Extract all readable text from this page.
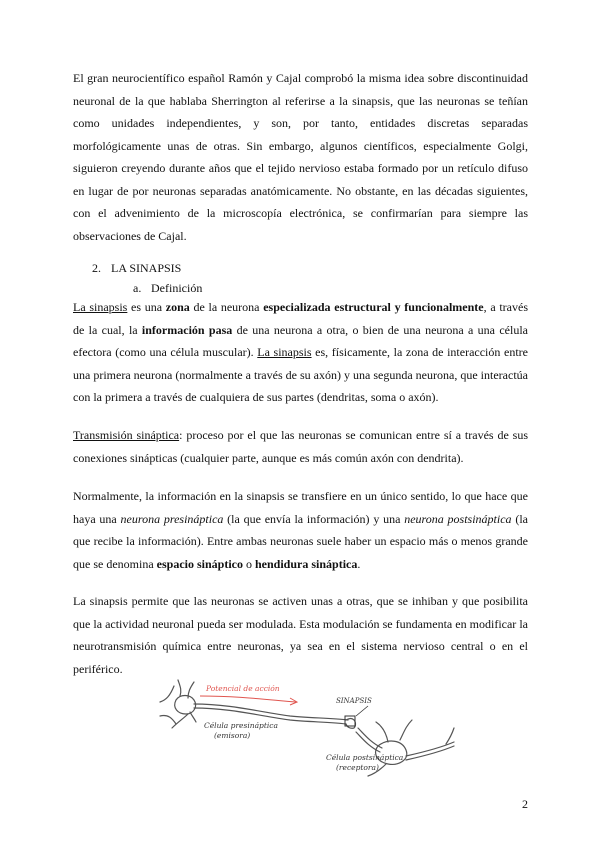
El gran neurocientífico español Ramón y Cajal comprobó la misma idea sobre discontinuidad neuronal de la que hablaba Sherrington al referirse a la sinapsis, que las neuronas se teñían como unidades independientes, y son, por tanto, entidades discretas separadas morfológicamente unas de otras. Sin embargo, algunos científicos, especialmente Golgi, siguieron creyendo durante años que el tejido nervioso estaba formado por un retículo difuso en lugar de por neuronas separadas anatómicamente. No obstante, en las décadas siguientes, con el advenimiento de la microscopía electrónica, se confirmarían para siempre las observaciones de Cajal.

2. LA SINAPSIS
a. Definición

La sinapsis es una zona de la neurona especializada estructural y funcionalmente, a través de la cual, la información pasa de una neurona a otra, o bien de una neurona a una célula efectora (como una célula muscular). La sinapsis es, físicamente, la zona de interacción entre una primera neurona (normalmente a través de su axón) y una segunda neurona, que interactúa con la primera a través de cualquiera de sus partes (dendritas, soma o axón).

Transmisión sináptica: proceso por el que las neuronas se comunican entre sí a través de sus conexiones sinápticas (cualquier parte, aunque es más común axón con dendrita).

Normalmente, la información en la sinapsis se transfiere en un único sentido, lo que hace que haya una neurona presináptica (la que envía la información) y una neurona postsináptica (la que recibe la información). Entre ambas neuronas suele haber un espacio más o menos grande que se denomina espacio sináptico o hendidura sináptica.

La sinapsis permite que las neuronas se activen unas a otras, que se inhiban y que posibilita que la actividad neuronal pueda ser modulada. Esta modulación se fundamenta en modificar la neurotransmisión química entre neuronas, ya sea en el sistema nervioso central o en el periférico.

Potencial de acción
SINAPSIS
Célula presináptica
(emisora)
Célula postsináptica
(receptora)
2
